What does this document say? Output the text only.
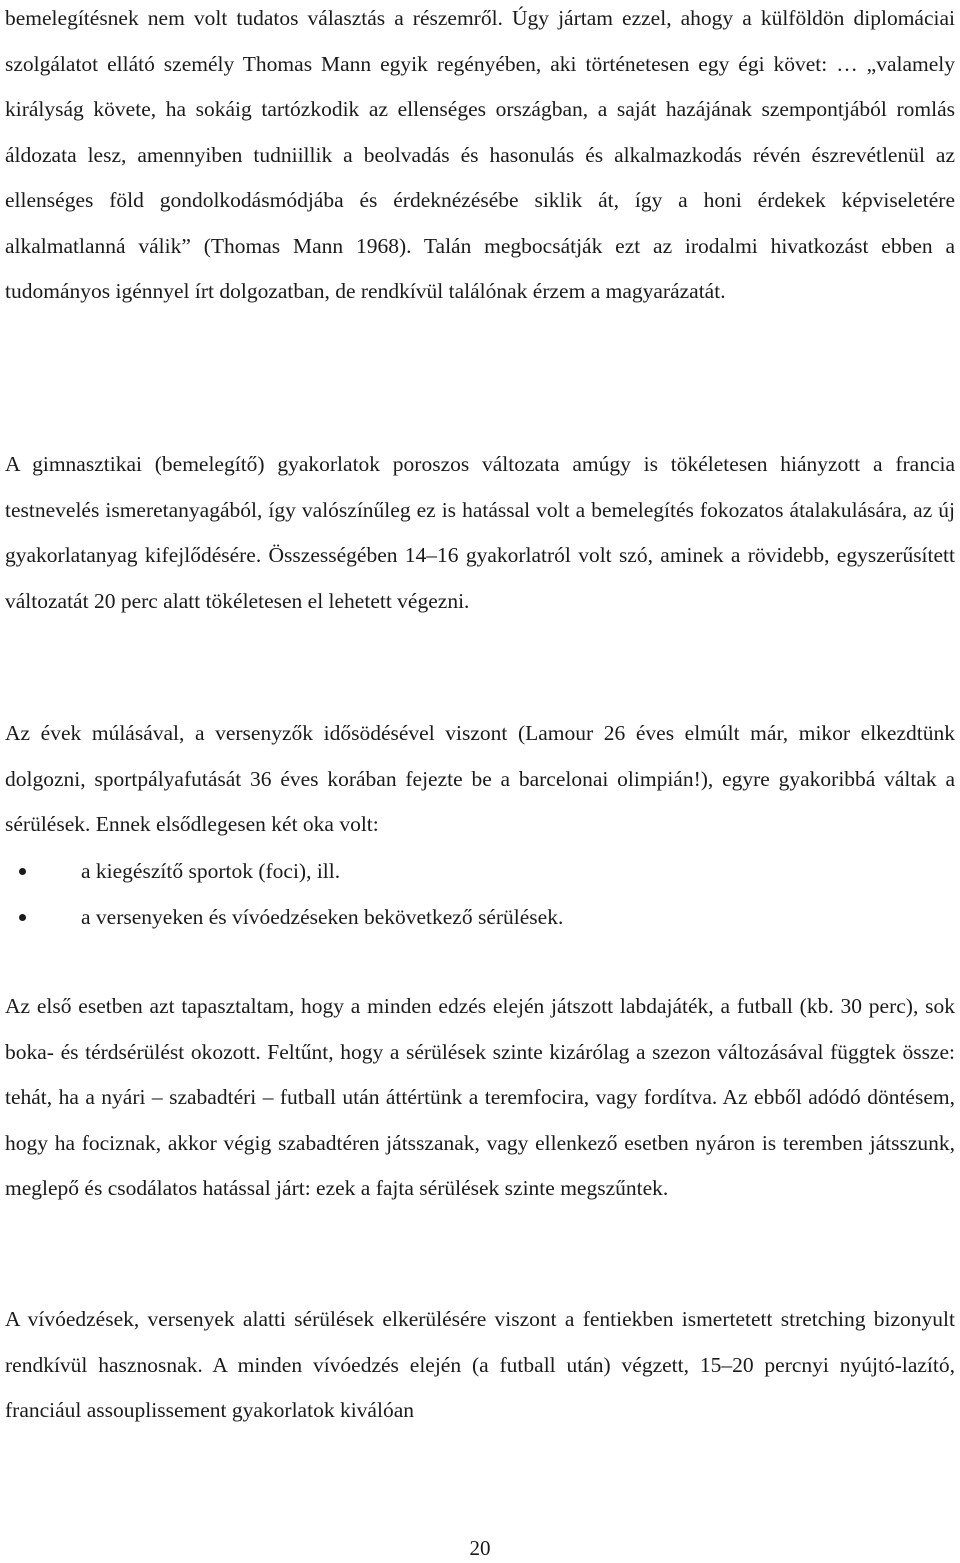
bemelegítésnek nem volt tudatos választás a részemről. Úgy jártam ezzel, ahogy a külföldön diplomáciai szolgálatot ellátó személy Thomas Mann egyik regényében, aki történetesen egy égi követ: … „valamely királyság követe, ha sokáig tartózkodik az ellenséges országban, a saját hazájának szempontjából romlás áldozata lesz, amennyiben tudniillik a beolvadás és hasonulás és alkalmazkodás révén észrevétlenül az ellenséges föld gondolkodásmódjába és érdeknézésébe siklik át, így a honi érdekek képviseletére alkalmatlanná válik” (Thomas Mann 1968). Talán megbocsátják ezt az irodalmi hivatkozást ebben a tudományos igénnyel írt dolgozatban, de rendkívül találónak érzem a magyarázatát.

A gimnasztikai (bemelegítő) gyakorlatok poroszos változata amúgy is tökéletesen hiányzott a francia testnevelés ismeretanyagából, így valószínűleg ez is hatással volt a bemelegítés fokozatos átalakulására, az új gyakorlatanyag kifejlődésére. Összességében 14–16 gyakorlatról volt szó, aminek a rövidebb, egyszerűsített változatát 20 perc alatt tökéletesen el lehetett végezni.

Az évek múlásával, a versenyzők idősödésével viszont (Lamour 26 éves elmúlt már, mikor elkezdtünk dolgozni, sportpályafutását 36 éves korában fejezte be a barcelonai olimpián!), egyre gyakoribbá váltak a sérülések. Ennek elsődlegesen két oka volt:

a kiegészítő sportok (foci), ill.
a versenyeken és vívóedzéseken bekövetkező sérülések.

Az első esetben azt tapasztaltam, hogy a minden edzés elején játszott labdajáték, a futball (kb. 30 perc), sok boka- és térdsérülést okozott. Feltűnt, hogy a sérülések szinte kizárólag a szezon változásával függtek össze: tehát, ha a nyári – szabadtéri – futball után áttértünk a teremfocira, vagy fordítva. Az ebből adódó döntésem, hogy ha fociznak, akkor végig szabadtéren játsszanak, vagy ellenkező esetben nyáron is teremben játsszunk, meglepő és csodálatos hatással járt: ezek a fajta sérülések szinte megszűntek.

A vívóedzések, versenyek alatti sérülések elkerülésére viszont a fentiekben ismertetett stretching bizonyult rendkívül hasznosnak. A minden vívóedzés elején (a futball után) végzett, 15–20 percnyi nyújtó-lazító, franciául assouplissement gyakorlatok kiválóan

20
